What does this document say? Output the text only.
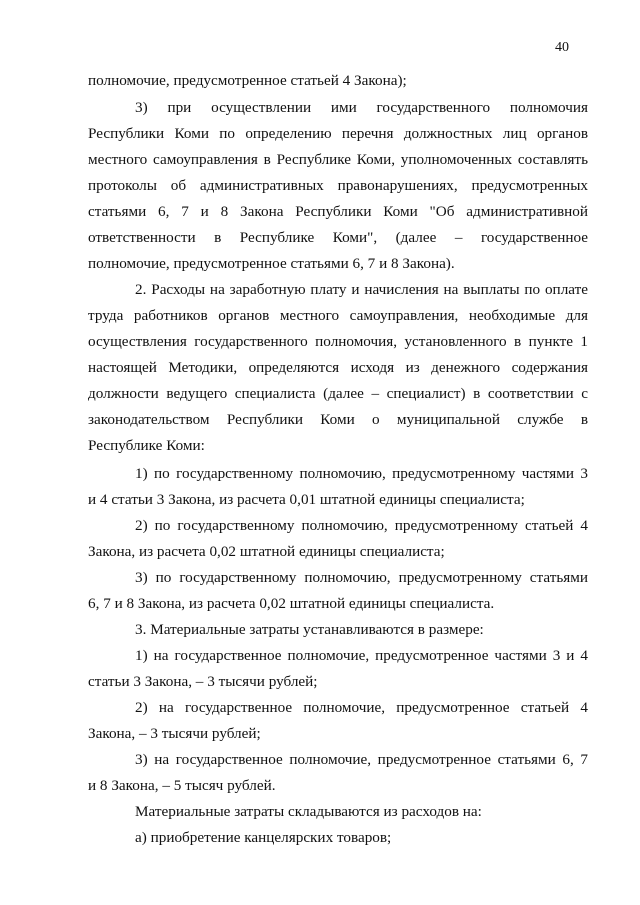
40
полномочие, предусмотренное статьей 4 Закона);
3) при осуществлении ими государственного полномочия
Республики Коми по определению перечня должностных лиц органов
местного самоуправления в Республике Коми, уполномоченных составлять
протоколы об административных правонарушениях, предусмотренных
статьями 6, 7 и 8 Закона Республики Коми "Об административной
ответственности в Республике Коми", (далее – государственное
полномочие, предусмотренное статьями 6, 7 и 8 Закона).
2. Расходы на заработную плату и начисления на выплаты по оплате
труда работников органов местного самоуправления, необходимые для
осуществления государственного полномочия, установленного в пункте 1
настоящей Методики, определяются исходя из денежного содержания
должности ведущего специалиста (далее – специалист) в соответствии с
законодательством Республики Коми о муниципальной службе в
Республике Коми:
1) по государственному полномочию, предусмотренному частями 3
и 4 статьи 3 Закона, из расчета 0,01 штатной единицы специалиста;
2) по государственному полномочию, предусмотренному статьей 4
Закона, из расчета 0,02 штатной единицы специалиста;
3) по государственному полномочию, предусмотренному статьями
6, 7 и 8 Закона, из расчета 0,02 штатной единицы специалиста.
3. Материальные затраты устанавливаются в размере:
1) на государственное полномочие, предусмотренное частями 3 и 4
статьи 3 Закона, – 3 тысячи рублей;
2) на государственное полномочие, предусмотренное статьей 4
Закона, – 3 тысячи рублей;
3) на государственное полномочие, предусмотренное статьями 6, 7
и 8 Закона, – 5 тысяч рублей.
Материальные затраты складываются из расходов на:
а) приобретение канцелярских товаров;
